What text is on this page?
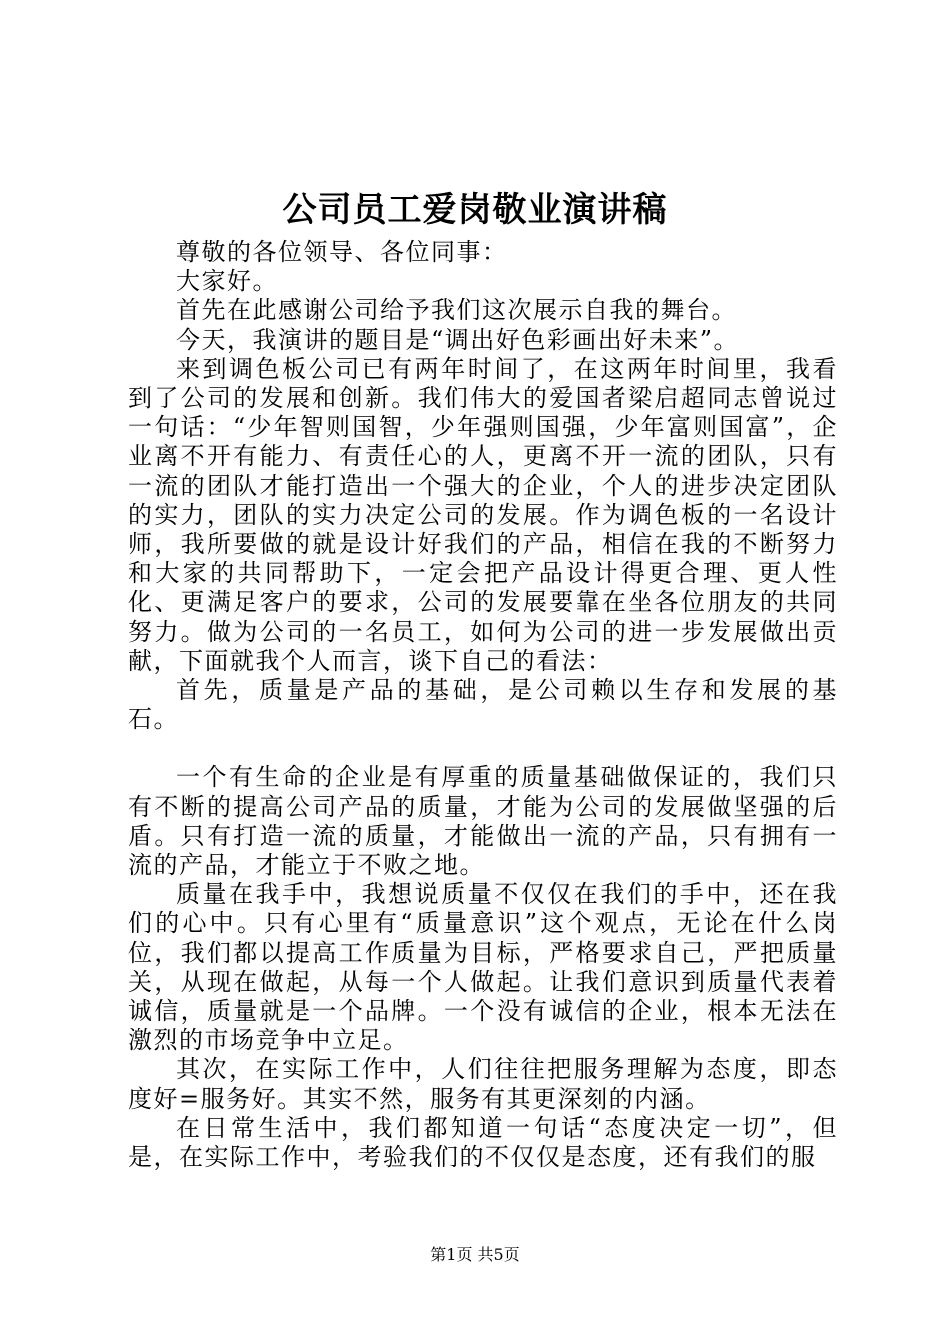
公司员工爱岗敬业演讲稿

尊敬的各位领导、各位同事：

大家好。

首先在此感谢公司给予我们这次展示自我的舞台。

今天，我演讲的题目是“调出好色彩画出好未来”。

来到调色板公司已有两年时间了，在这两年时间里，我看到了公司的发展和创新。我们伟大的爱国者梁启超同志曾说过一句话：“少年智则国智，少年强则国强，少年富则国富”，企业离不开有能力、有责任心的人，更离不开一流的团队，只有一流的团队才能打造出一个强大的企业，个人的进步决定团队的实力，团队的实力决定公司的发展。作为调色板的一名设计师，我所要做的就是设计好我们的产品，相信在我的不断努力和大家的共同帮助下，一定会把产品设计得更合理、更人性化、更满足客户的要求，公司的发展要靠在坐各位朋友的共同努力。做为公司的一名员工，如何为公司的进一步发展做出贡献，下面就我个人而言，谈下自己的看法：

首先，质量是产品的基础，是公司赖以生存和发展的基石。

一个有生命的企业是有厚重的质量基础做保证的，我们只有不断的提高公司产品的质量，才能为公司的发展做坚强的后盾。只有打造一流的质量，才能做出一流的产品，只有拥有一流的产品，才能立于不败之地。

质量在我手中，我想说质量不仅仅在我们的手中，还在我们的心中。只有心里有“质量意识”这个观点，无论在什么岗位，我们都以提高工作质量为目标，严格要求自己，严把质量关，从现在做起，从每一个人做起。让我们意识到质量代表着诚信，质量就是一个品牌。一个没有诚信的企业，根本无法在激烈的市场竞争中立足。

其次，在实际工作中，人们往往把服务理解为态度，即态度好=服务好。其实不然，服务有其更深刻的内涵。

在日常生活中，我们都知道一句话“态度决定一切”，但是，在实际工作中，考验我们的不仅仅是态度，还有我们的服

第1页 共5页
